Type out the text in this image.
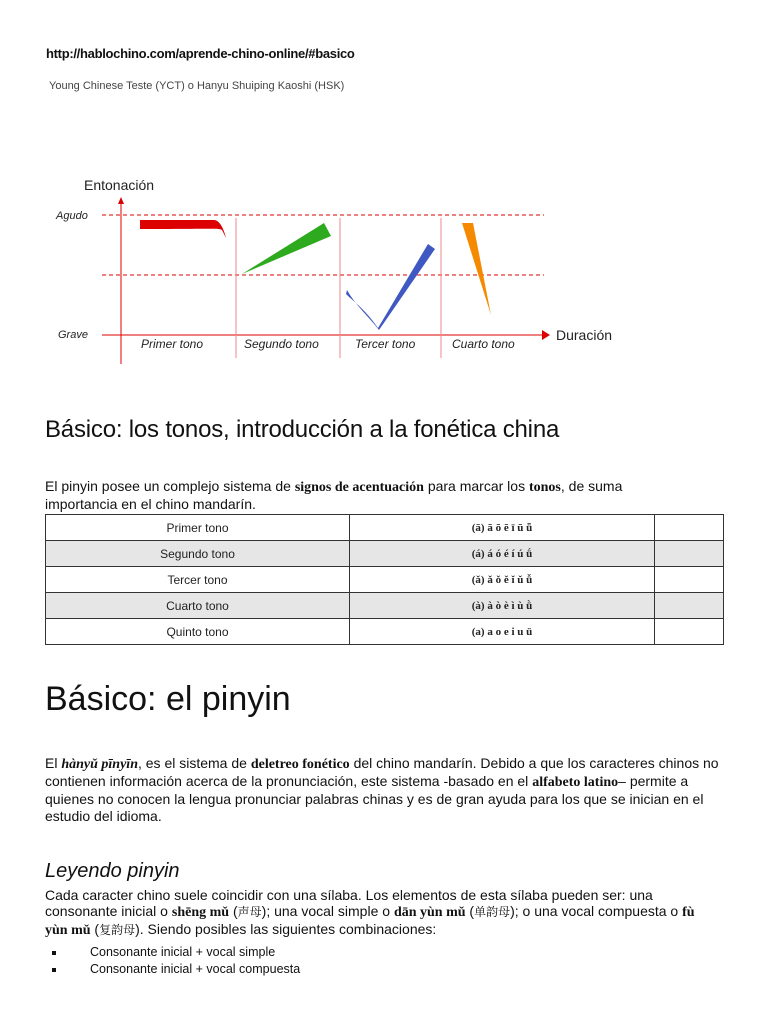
http://hablochino.com/aprende-chino-online/#basico
Young Chinese Teste (YCT) o Hanyu Shuiping Kaoshi (HSK)
Entonación
Duración
Agudo
Grave
Primer tono	Segundo tono	Tercer tono	Cuarto tono
Básico: los tonos, introducción a la fonética china

El pinyin posee un complejo sistema de signos de acentuación para marcar los tonos, de suma importancia en el chino mandarín.

Primer tono	(ā) ā ō ē ī ū ǖ	
Segundo tono	(á) á ó é í ú ǘ	
Tercer tono	(ǎ) ǎ ǒ ě ǐ ǔ ǚ	
Cuarto tono	(à) à ò è ì ù ǜ	
Quinto tono	(a) a o e i u ü	
Básico: el pinyin

El hànyǔ pīnyīn, es el sistema de deletreo fonético del chino mandarín. Debido a que los caracteres chinos no contienen información acerca de la pronunciación, este sistema -basado en el alfabeto latino– permite a quienes no conocen la lengua pronunciar palabras chinas y es de gran ayuda para los que se inician en el estudio del idioma.

Leyendo pinyin

Cada caracter chino suele coincidir con una sílaba. Los elementos de esta sílaba pueden ser: una consonante inicial o shēng mǔ (声母); una vocal simple o dān yùn mǔ (单韵母); o una vocal compuesta o fù yùn mǔ (复韵母). Siendo posibles las siguientes combinaciones:

Consonante inicial + vocal simple
Consonante inicial + vocal compuesta
